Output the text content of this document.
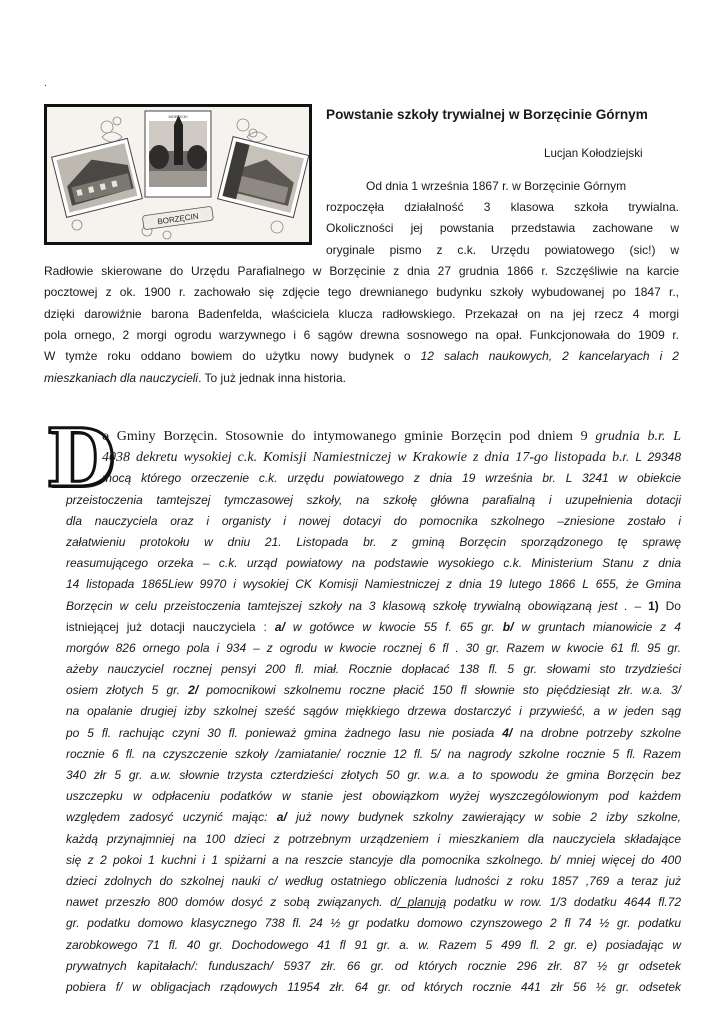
.
MOROCKI
BORZĘCIN
Powstanie szkoły trywialnej w Borzęcinie Górnym
Lucjan Kołodziejski
Od dnia 1 września 1867 r. w Borzęcinie Górnym
rozpoczęła działalność 3 klasowa szkoła trywialna.
Okoliczności jej powstania przedstawia zachowane w
oryginale pismo z c.k. Urzędu powiatowego (sic!) w
Radłowie skierowane do Urzędu Parafialnego w Borzęcinie z dnia 27 grudnia 1866 r. Szczęśliwie na karcie
pocztowej z ok. 1900 r. zachowało się zdjęcie tego drewnianego budynku szkoły wybudowanej po 1847 r.,
dzięki darowiźnie barona Badenfelda, właściciela klucza radłowskiego. Przekazał on na jej rzecz 4 morgi
pola ornego, 2 morgi ogrodu warzywnego i 6 sągów drewna sosnowego na opał. Funkcjonowała do 1909 r.
W tymże roku oddano bowiem do użytku nowy budynek o 12 salach naukowych, 2 kancelaryach i 2
mieszkaniach dla nauczycieli. To już jednak inna historia.
D
o Gminy Borzęcin. Stosownie do intymowanego gminie Borzęcin pod dniem 9 grudnia b.r. L
4038 dekretu wysokiej c.k. Komisji Namiestniczej w Krakowie z dnia 17-go listopada b.r. L 29348
mocą którego orzeczenie c.k. urzędu powiatowego z dnia 19 września br. L 3241 w obiekcie
przeistoczenia tamtejszej tymczasowej szkoły, na szkołę główna parafialną i uzupełnienia dotacji
dla nauczyciela oraz i organisty i nowej dotacyi do pomocnika szkolnego –zniesione zostało i
załatwieniu protokołu w dniu 21. Listopada br. z gminą Borzęcin sporządzonego tę sprawę
reasumującego orzeka – c.k. urząd powiatowy na podstawie wysokiego c.k. Ministerium Stanu z dnia
14 listopada 1865Liew 9970 i wysokiej CK Komisji Namiestniczej z dnia 19 lutego 1866 L 655, że Gmina
Borzęcin w celu przeistoczenia tamtejszej szkoły na 3 klasową szkołę trywialną obowiązaną jest . – 1) Do
istniejącej już dotacji nauczyciela : a/ w gotówce w kwocie 55 f. 65 gr. b/ w gruntach mianowicie z 4
morgów 826 ornego pola i 934 – z ogrodu w kwocie rocznej 6 fl . 30 gr. Razem w kwocie 61 fl. 95 gr.
ażeby nauczyciel rocznej pensyi 200 fl. miał. Rocznie dopłacać 138 fl. 5 gr. słowami sto trzydzieści
osiem złotych 5 gr. 2/ pomocnikowi szkolnemu roczne płacić 150 fl słownie sto pięćdziesiąt złr. w.a. 3/
na opalanie drugiej izby szkolnej sześć sągów miękkiego drzewa dostarczyć i przywieść, a w jeden sąg
po 5 fl. rachując czyni 30 fl. ponieważ gmina żadnego lasu nie posiada 4/ na drobne potrzeby szkolne
rocznie 6 fl. na czyszczenie szkoły /zamiatanie/ rocznie 12 fl. 5/ na nagrody szkolne rocznie 5 fl. Razem
340 złr 5 gr. a.w. słownie trzysta czterdzieści złotych 50 gr. w.a. a to spowodu że gmina Borzęcin bez
uszczepku w odpłaceniu podatków w stanie jest obowiązkom wyżej wyszczególowionym pod każdem
względem zadosyć uczynić mając: a/ już nowy budynek szkolny zawierający w sobie 2 izby szkolne,
każdą przynajmniej na 100 dzieci z potrzebnym urządzeniem i mieszkaniem dla nauczyciela składające
się z 2 pokoi 1 kuchni i 1 spiżarni a na reszcie stancyje dla pomocnika szkolnego. b/ mniej więcej do 400
dzieci zdolnych do szkolnej nauki c/ według ostatniego obliczenia ludności z roku 1857 ,769 a teraz już
nawet przeszło 800 domów dosyć z sobą związanych. d/ planują podatku w row. 1/3 dodatku 4644 fl.72
gr. podatku domowo klasycznego 738 fl. 24 ½ gr podatku domowo czynszowego 2 fl 74 ½ gr. podatku
zarobkowego 71 fl. 40 gr. Dochodowego 41 fl 91 gr. a. w. Razem 5 499 fl. 2 gr. e) posiadając w
prywatnych kapitałach/: funduszach/ 5937 złr. 66 gr. od których rocznie 296 złr. 87 ½ gr odsetek
pobiera f/ w obligacjach rządowych 11954 złr. 64 gr. od których rocznie 441 złr 56 ½ gr. odsetek
